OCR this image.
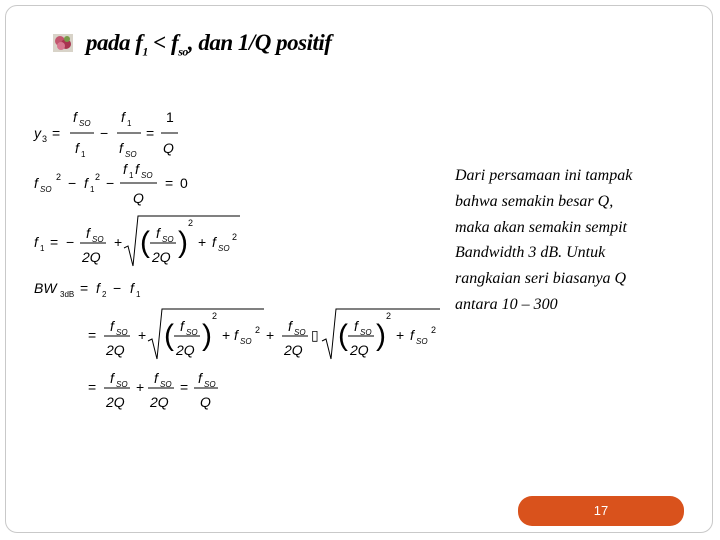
pada $f_1 < f_{so}$, dan 1/Q positif
y 3 =
f SO
f 1
−
f 1
f SO
=
1
Q
f SO
2 − f 1
2 −
f 1 f SO
Q
= 0
f 1 = −
f SO
2Q
+ ( f SO
2Q )
2
+ f SO
2
BW 3dB = f 2 − f 1
=
f SO
2Q
+ ( f SO
2Q )
2
+ f SO
2 +
f SO
2Q
▯ ( f SO
2Q )
2
+ f SO
2
=
f SO
2Q
+
f SO
2Q
=
f SO
Q
Dari persamaan ini tampak
bahwa semakin besar Q,
maka akan semakin sempit
Bandwidth 3 dB. Untuk
rangkaian seri biasanya Q
antara 10 – 300
17
